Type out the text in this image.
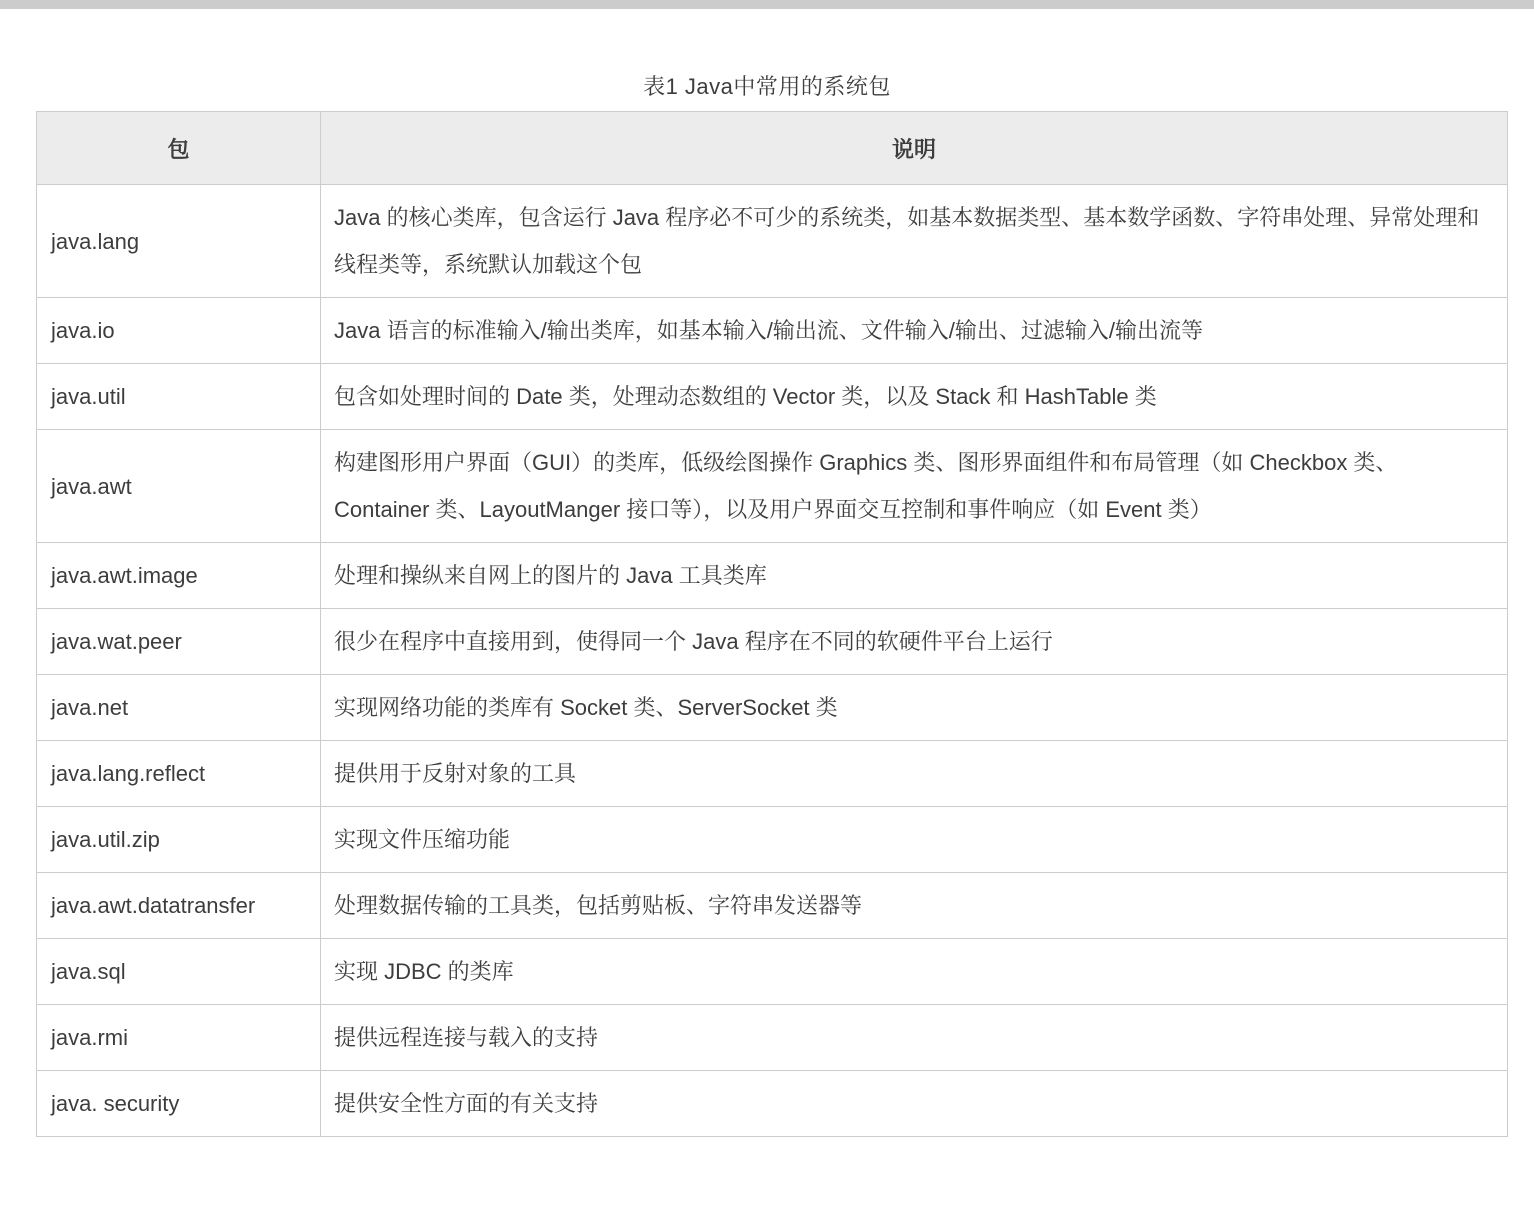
表1 Java中常用的系统包
包	说明
java.lang	Java 的核心类库，包含运行 Java 程序必不可少的系统类，如基本数据类型、基本数学函数、字符串处理、异常处理和线程类等，系统默认加载这个包
java.io	Java 语言的标准输入/输出类库，如基本输入/输出流、文件输入/输出、过滤输入/输出流等
java.util	包含如处理时间的 Date 类，处理动态数组的 Vector 类，以及 Stack 和 HashTable 类
java.awt	构建图形用户界面（GUI）的类库，低级绘图操作 Graphics 类、图形界面组件和布局管理（如 Checkbox 类、Container 类、LayoutManger 接口等），以及用户界面交互控制和事件响应（如 Event 类）
java.awt.image	处理和操纵来自网上的图片的 Java 工具类库
java.wat.peer	很少在程序中直接用到，使得同一个 Java 程序在不同的软硬件平台上运行
java.net	实现网络功能的类库有 Socket 类、ServerSocket 类
java.lang.reflect	提供用于反射对象的工具
java.util.zip	实现文件压缩功能
java.awt.datatransfer	处理数据传输的工具类，包括剪贴板、字符串发送器等
java.sql	实现 JDBC 的类库
java.rmi	提供远程连接与载入的支持
java. security	提供安全性方面的有关支持
